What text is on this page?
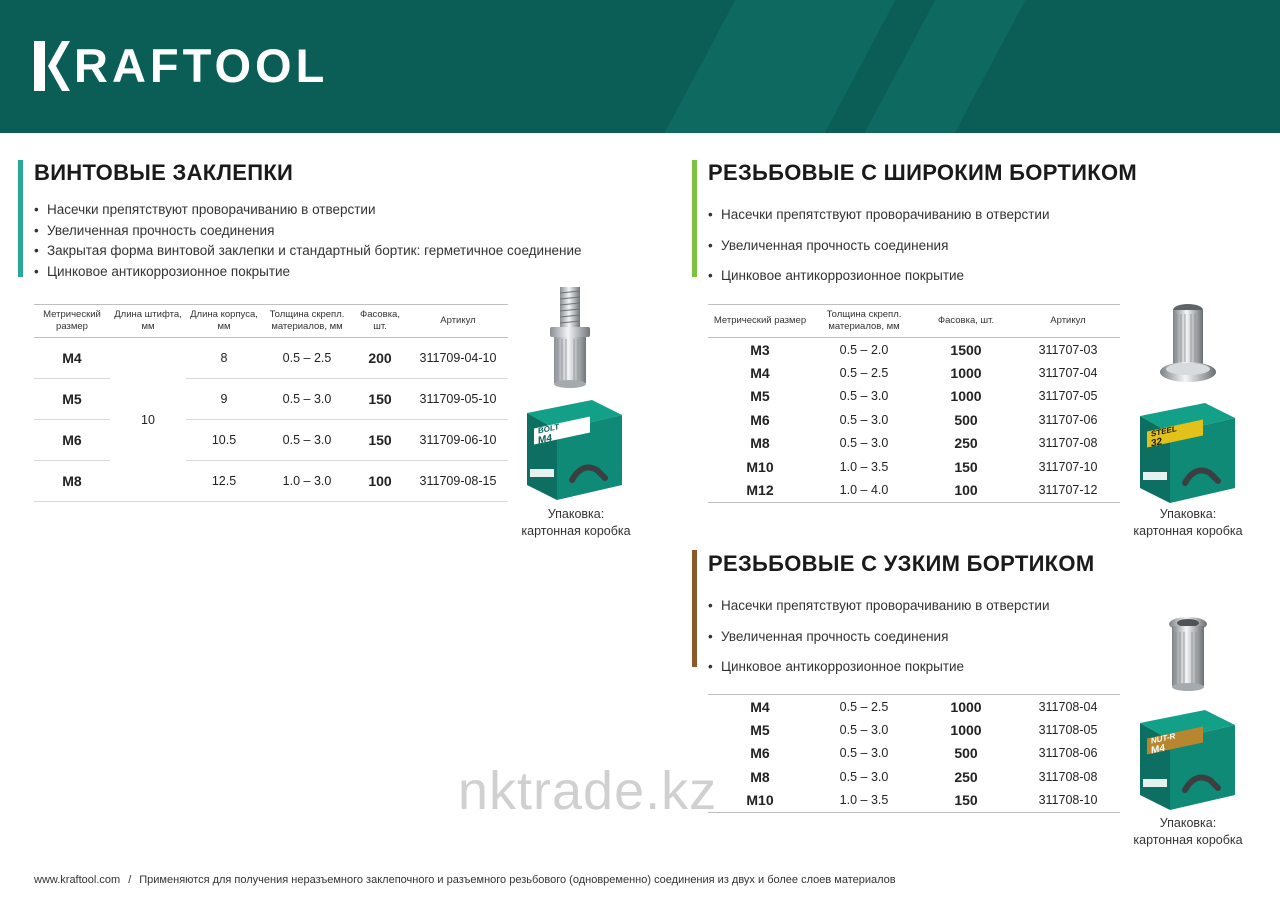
RAFTOOL
ВИНТОВЫЕ ЗАКЛЕПКИ
• Насечки препятствуют проворачиванию в отверстии
• Увеличенная прочность соединения
• Закрытая форма винтовой заклепки и стандартный бортик: герметичное соединение
• Цинковое антикоррозионное покрытие
Метрический размер	Длина штифта, мм	Длина корпуса, мм	Толщина скрепл. материалов, мм	Фасовка, шт.	Артикул
M4	10	8	0.5 – 2.5	200	311709-04-10
M5		9	0.5 – 3.0	150	311709-05-10
M6		10.5	0.5 – 3.0	150	311709-06-10
M8		12.5	1.0 – 3.0	100	311709-08-15
BOLT
M4
Упаковка:
картонная коробка
РЕЗЬБОВЫЕ С ШИРОКИМ БОРТИКОМ
• Насечки препятствуют проворачиванию в отверстии
• Увеличенная прочность соединения
• Цинковое антикоррозионное покрытие
Метрический размер	Толщина скрепл. материалов, мм	Фасовка, шт.	Артикул
M3	0.5 – 2.0	1500	311707-03
M4	0.5 – 2.5	1000	311707-04
M5	0.5 – 3.0	1000	311707-05
M6	0.5 – 3.0	500	311707-06
M8	0.5 – 3.0	250	311707-08
M10	1.0 – 3.5	150	311707-10
M12	1.0 – 4.0	100	311707-12
STEEL
32
Упаковка:
картонная коробка
РЕЗЬБОВЫЕ С УЗКИМ БОРТИКОМ
• Насечки препятствуют проворачиванию в отверстии
• Увеличенная прочность соединения
• Цинковое антикоррозионное покрытие
M4	0.5 – 2.5	1000	311708-04
M5	0.5 – 3.0	1000	311708-05
M6	0.5 – 3.0	500	311708-06
M8	0.5 – 3.0	250	311708-08
M10	1.0 – 3.5	150	311708-10
NUT-R
M4
Упаковка:
картонная коробка
nktrade.kz
www.kraftool.com / Применяются для получения неразъемного заклепочного и разъемного резьбового (одновременно) соединения из двух и более слоев материалов
